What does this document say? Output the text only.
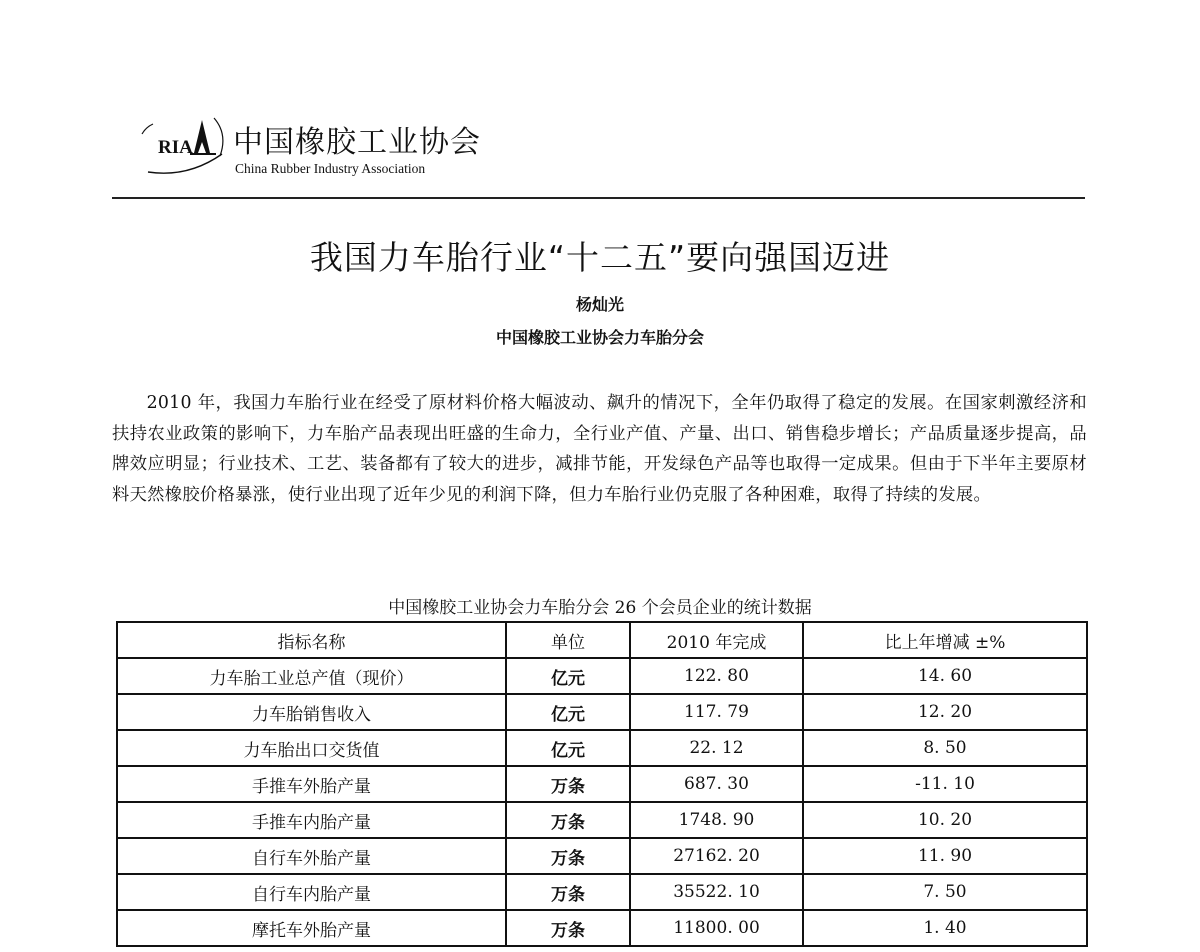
RIA 中国橡胶工业协会
China Rubber Industry Association
我国力车胎行业“十二五”要向强国迈进
杨灿光
中国橡胶工业协会力车胎分会

2010 年，我国力车胎行业在经受了原材料价格大幅波动、飙升的情况下，全年仍取得了稳定的发展。在国家刺激经济和扶持农业政策的影响下，力车胎产品表现出旺盛的生命力，全行业产值、产量、出口、销售稳步增长；产品质量逐步提高，品牌效应明显；行业技术、工艺、装备都有了较大的进步，减排节能，开发绿色产品等也取得一定成果。但由于下半年主要原材料天然橡胶价格暴涨，使行业出现了近年少见的利润下降，但力车胎行业仍克服了各种困难，取得了持续的发展。

中国橡胶工业协会力车胎分会 26 个会员企业的统计数据
指标名称	单位	2010 年完成	比上年增减 ±%
力车胎工业总产值（现价）	亿元	122. 80	14. 60
力车胎销售收入	亿元	117. 79	12. 20
力车胎出口交货值	亿元	22. 12	8. 50
手推车外胎产量	万条	687. 30	-11. 10
手推车内胎产量	万条	1748. 90	10. 20
自行车外胎产量	万条	27162. 20	11. 90
自行车内胎产量	万条	35522. 10	7. 50
摩托车外胎产量	万条	11800. 00	1. 40
